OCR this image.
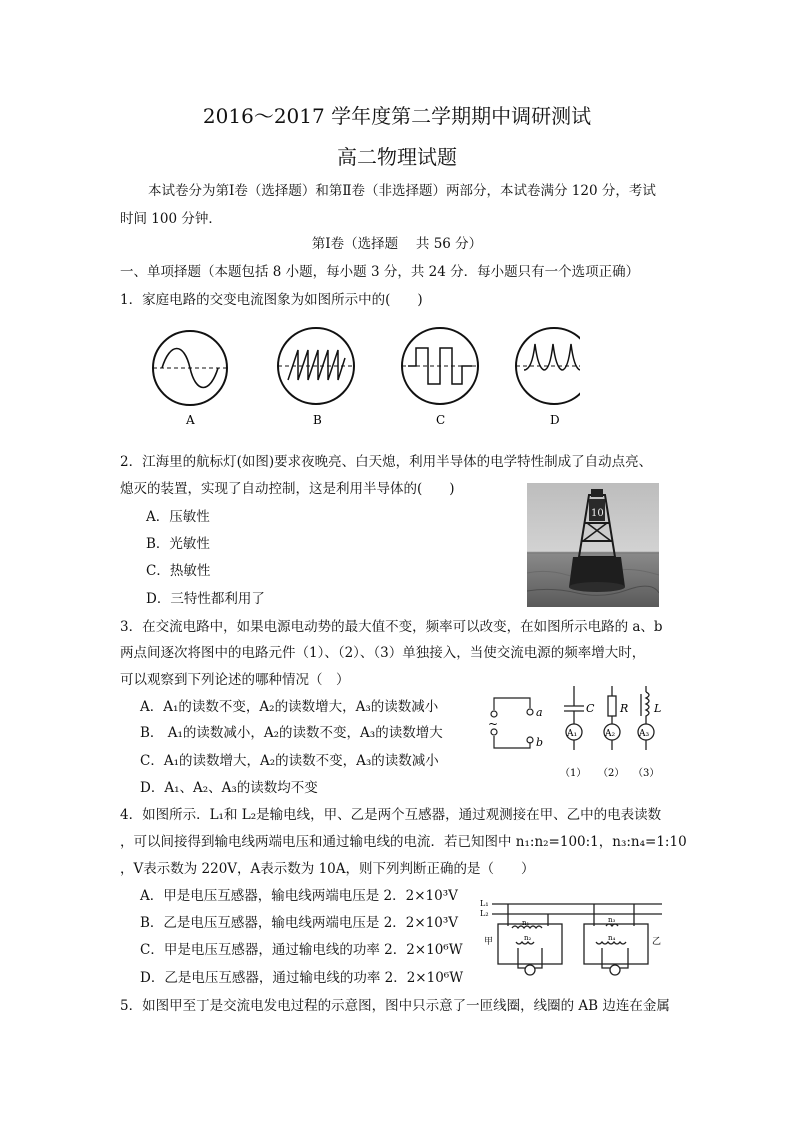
2016～2017 学年度第二学期期中调研测试
高二物理试题
本试卷分为第Ⅰ卷（选择题）和第Ⅱ卷（非选择题）两部分，本试卷满分 120 分，考试
时间 100 分钟．
第Ⅰ卷（选择题　 共 56 分）
一、单项择题（本题包括 8 小题，每小题 3 分，共 24 分．每小题只有一个选项正确）
1．家庭电路的交变电流图象为如图所示中的(　　)
A	B	C	D
2．江海里的航标灯(如图)要求夜晚亮、白天熄，利用半导体的电学特性制成了自动点亮、
熄灭的装置，实现了自动控制，这是利用半导体的(　　)
A．压敏性
B．光敏性
C．热敏性
D．三特性都利用了
10
3．在交流电路中，如果电源电动势的最大值不变，频率可以改变，在如图所示电路的 a、b
两点间逐次将图中的电路元件（1）、（2）、（3）单独接入，当使交流电源的频率增大时，
可以观察到下列论述的哪种情况（　）
A．A₁的读数不变，A₂的读数增大，A₃的读数减小
B． A₁的读数减小，A₂的读数不变，A₃的读数增大
C．A₁的读数增大，A₂的读数不变，A₃的读数减小
D．A₁、A₂、A₃的读数均不变
~
a
b
C
A₁
R
A₂
L
A₃
（1） （2） （3）
4．如图所示．L₁和 L₂是输电线，甲、乙是两个互感器，通过观测接在甲、乙中的电表读数
，可以间接得到输电线两端电压和通过输电线的电流．若已知图中 n₁:n₂=100:1，n₃:n₄=1:10
，V表示数为 220V，A表示数为 10A，则下列判断正确的是（　　）
A．甲是电压互感器，输电线两端电压是 2．2×10³V
B．乙是电压互感器，输电线两端电压是 2．2×10³V
C．甲是电压互感器，通过输电线的功率 2．2×10⁶W
D．乙是电压互感器，通过输电线的功率 2．2×10⁶W
L₁
L₂
甲	乙
n₁
n₂
n₃
n₄
5．如图甲至丁是交流电发电过程的示意图，图中只示意了一匝线圈，线圈的 AB 边连在金属
